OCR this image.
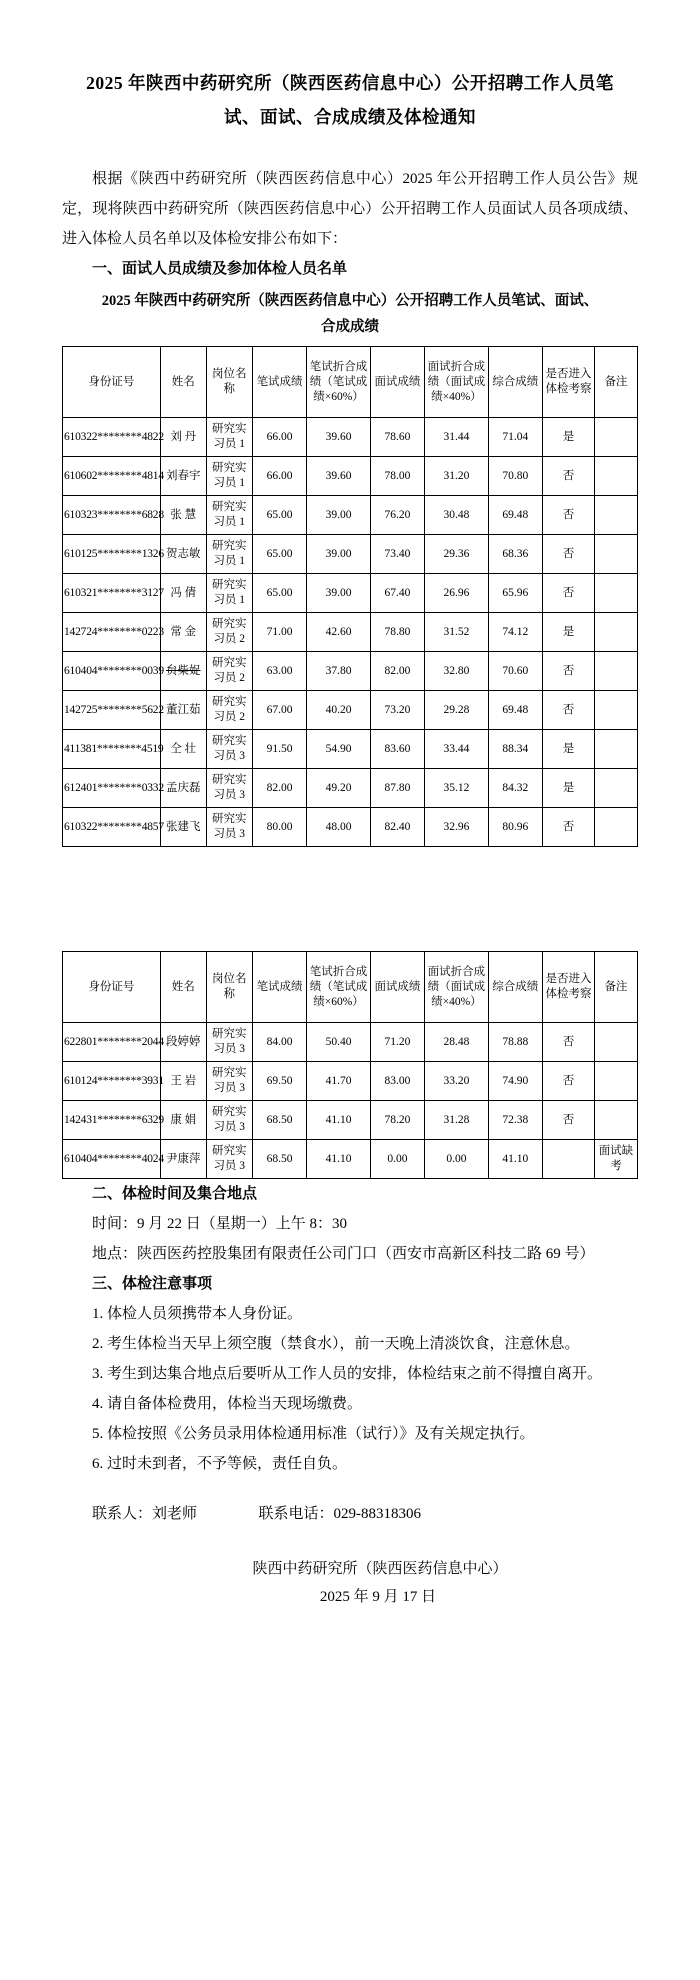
2025 年陕西中药研究所（陕西医药信息中心）公开招聘工作人员笔试、面试、合成成绩及体检通知

根据《陕西中药研究所（陕西医药信息中心）2025 年公开招聘工作人员公告》规定，现将陕西中药研究所（陕西医药信息中心）公开招聘工作人员面试人员各项成绩、进入体检人员名单以及体检安排公布如下：

一、面试人员成绩及参加体检人员名单

2025 年陕西中药研究所（陕西医药信息中心）公开招聘工作人员笔试、面试、合成成绩
身份证号	姓名	岗位名称	笔试成绩	笔试折合成绩（笔试成绩×60%）	面试成绩	面试折合成绩（面试成绩×40%）	综合成绩	是否进入体检考察	备注
610322********4822	刘 丹	研究实习员 1	66.00	39.60	78.60	31.44	71.04	是	
610602********4814	刘春宇	研究实习员 1	66.00	39.60	78.00	31.20	70.80	否	
610323********6828	张 慧	研究实习员 1	65.00	39.00	76.20	30.48	69.48	否	
610125********1326	贺志敏	研究实习员 1	65.00	39.00	73.40	29.36	68.36	否	
610321********3127	冯 倩	研究实习员 1	65.00	39.00	67.40	26.96	65.96	否	
142724********0223	常 金	研究实习员 2	71.00	42.60	78.80	31.52	74.12	是	
610404********0039	贠柴娖	研究实习员 2	63.00	37.80	82.00	32.80	70.60	否	
142725********5622	董江茹	研究实习员 2	67.00	40.20	73.20	29.28	69.48	否	
411381********4519	仝 壮	研究实习员 3	91.50	54.90	83.60	33.44	88.34	是	
612401********0332	孟庆磊	研究实习员 3	82.00	49.20	87.80	35.12	84.32	是	
610322********4857	张建飞	研究实习员 3	80.00	48.00	82.40	32.96	80.96	否	
身份证号	姓名	岗位名称	笔试成绩	笔试折合成绩（笔试成绩×60%）	面试成绩	面试折合成绩（面试成绩×40%）	综合成绩	是否进入体检考察	备注
622801********2044	段婷婷	研究实习员 3	84.00	50.40	71.20	28.48	78.88	否	
610124********3931	王 岩	研究实习员 3	69.50	41.70	83.00	33.20	74.90	否	
142431********6329	康 娟	研究实习员 3	68.50	41.10	78.20	31.28	72.38	否	
610404********4024	尹康萍	研究实习员 3	68.50	41.10	0.00	0.00	41.10		面试缺考

二、体检时间及集合地点

时间：9 月 22 日（星期一）上午 8：30

地点：陕西医药控股集团有限责任公司门口（西安市高新区科技二路 69 号）

三、体检注意事项

1. 体检人员须携带本人身份证。

2. 考生体检当天早上须空腹（禁食水），前一天晚上清淡饮食，注意休息。

3. 考生到达集合地点后要听从工作人员的安排，体检结束之前不得擅自离开。

4. 请自备体检费用，体检当天现场缴费。

5. 体检按照《公务员录用体检通用标准（试行）》及有关规定执行。

6. 过时未到者，不予等候，责任自负。

联系人：刘老师	联系电话：029-88318306

陕西中药研究所（陕西医药信息中心）
2025 年 9 月 17 日
